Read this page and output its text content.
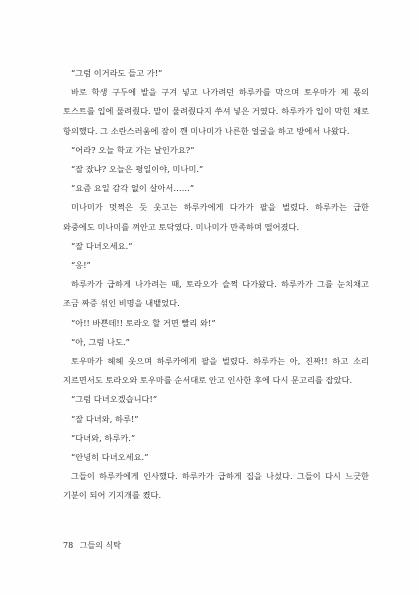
“그럼 이거라도 들고 가!”

바로 학생 구두에 발을 구겨 넣고 나가려던 하루카를 막으며 토우마가 제 몫의 토스트를 입에 물려줬다. 말이 물려줬다지 쑤셔 넣은 거였다. 하루카가 입이 막힌 채로 항의했다. 그 소란스러움에 잠이 깬 미나미가 나른한 얼굴을 하고 방에서 나왔다.

“어라? 오늘 학교 가는 날인가요?”

“잘 잤냐? 오늘은 평일이야, 미나미.”

“요즘 요일 감각 없이 살아서……”

미나미가 멋쩍은 듯 웃고는 하루카에게 다가가 팔을 벌렸다. 하루카는 급한 와중에도 미나미를 껴안고 토닥였다. 미나미가 만족하며 떨어졌다.

“잘 다녀오세요.”

“응!”

하루카가 급하게 나가려는 때, 토라오가 슬쩍 다가왔다. 하루카가 그를 눈치채고 조금 짜증 섞인 비명을 내뱉었다.

“아!! 바쁜데!! 토라오 할 거면 빨리 와!”

“아, 그럼 나도.”

토우마가 헤헤 웃으며 하루카에게 팔을 벌렸다. 하루카는 아, 진짜!! 하고 소리 지르면서도 토라오와 토우마를 순서대로 안고 인사한 후에 다시 문고리를 잡았다.

“그럼 다녀오겠습니다!”

“잘 다녀와, 하루!”

“다녀와, 하루카.”

“안녕히 다녀오세요.”

그들이 하루카에게 인사했다. 하루카가 급하게 집을 나섰다. 그들이 다시 느긋한 기분이 되어 기지개를 켰다.

78 그들의 식탁
